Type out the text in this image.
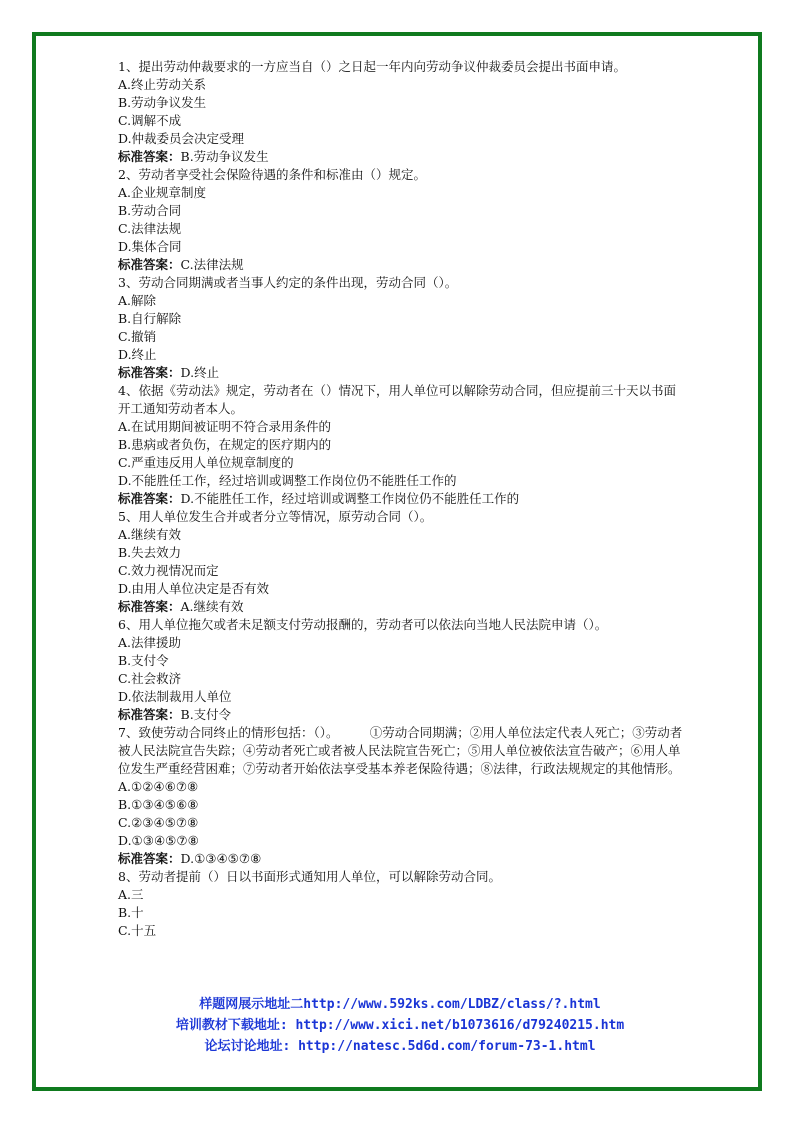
1、提出劳动仲裁要求的一方应当自（）之日起一年内向劳动争议仲裁委员会提出书面申请。

A.终止劳动关系

B.劳动争议发生

C.调解不成

D.仲裁委员会决定受理

标准答案：B.劳动争议发生

2、劳动者享受社会保险待遇的条件和标准由（）规定。

A.企业规章制度

B.劳动合同

C.法律法规

D.集体合同

标准答案：C.法律法规

3、劳动合同期满或者当事人约定的条件出现，劳动合同（）。

A.解除

B.自行解除

C.撤销

D.终止

标准答案：D.终止

4、依据《劳动法》规定，劳动者在（）情况下，用人单位可以解除劳动合同，但应提前三十天以书面开工通知劳动者本人。

A.在试用期间被证明不符合录用条件的

B.患病或者负伤，在规定的医疗期内的

C.严重违反用人单位规章制度的

D.不能胜任工作，经过培训或调整工作岗位仍不能胜任工作的

标准答案：D.不能胜任工作，经过培训或调整工作岗位仍不能胜任工作的

5、用人单位发生合并或者分立等情况，原劳动合同（）。

A.继续有效

B.失去效力

C.效力视情况而定

D.由用人单位决定是否有效

标准答案：A.继续有效

6、用人单位拖欠或者未足额支付劳动报酬的，劳动者可以依法向当地人民法院申请（）。

A.法律援助

B.支付令

C.社会救济

D.依法制裁用人单位

标准答案：B.支付令

7、致使劳动合同终止的情形包括：（）。　　　①劳动合同期满；②用人单位法定代表人死亡；③劳动者被人民法院宣告失踪；④劳动者死亡或者被人民法院宣告死亡；⑤用人单位被依法宣告破产；⑥用人单位发生严重经营困难；⑦劳动者开始依法享受基本养老保险待遇；⑧法律，行政法规规定的其他情形。

A.①②④⑥⑦⑧

B.①③④⑤⑥⑧

C.②③④⑤⑦⑧

D.①③④⑤⑦⑧

标准答案：D.①③④⑤⑦⑧

8、劳动者提前（）日以书面形式通知用人单位，可以解除劳动合同。

A.三

B.十

C.十五

样题网展示地址二http://www.592ks.com/LDBZ/class/?.html

培训教材下载地址: http://www.xici.net/b1073616/d79240215.htm

论坛讨论地址: http://natesc.5d6d.com/forum-73-1.html
